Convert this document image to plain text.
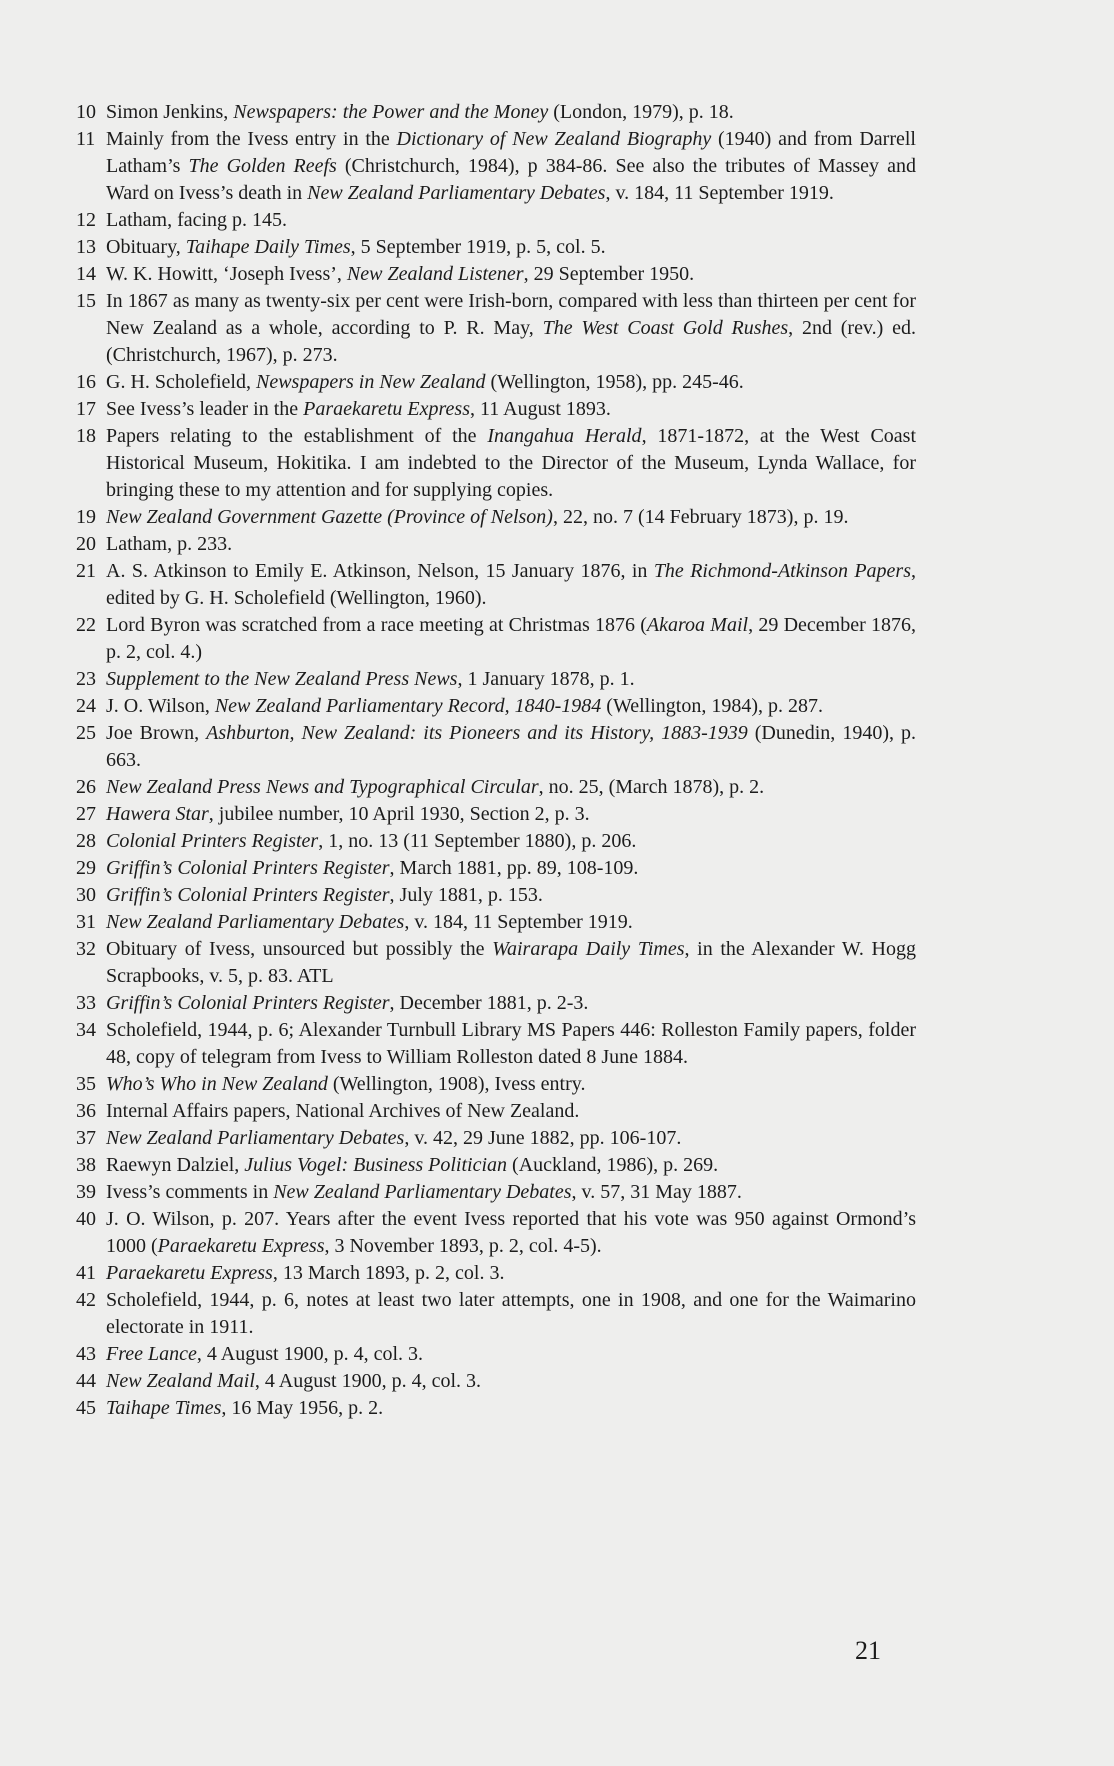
10 Simon Jenkins, Newspapers: the Power and the Money (London, 1979), p. 18.

11 Mainly from the Ivess entry in the Dictionary of New Zealand Biography (1940) and from Darrell Latham’s The Golden Reefs (Christchurch, 1984), p 384-86. See also the tributes of Massey and Ward on Ivess’s death in New Zealand Parliamentary Debates, v. 184, 11 September 1919.

12 Latham, facing p. 145.

13 Obituary, Taihape Daily Times, 5 September 1919, p. 5, col. 5.

14 W. K. Howitt, ‘Joseph Ivess’, New Zealand Listener, 29 September 1950.

15 In 1867 as many as twenty-six per cent were Irish-born, compared with less than thirteen per cent for New Zealand as a whole, according to P. R. May, The West Coast Gold Rushes, 2nd (rev.) ed. (Christchurch, 1967), p. 273.

16 G. H. Scholefield, Newspapers in New Zealand (Wellington, 1958), pp. 245-46.

17 See Ivess’s leader in the Paraekaretu Express, 11 August 1893.

18 Papers relating to the establishment of the Inangahua Herald, 1871-1872, at the West Coast Historical Museum, Hokitika. I am indebted to the Director of the Museum, Lynda Wallace, for bringing these to my attention and for supplying copies.

19 New Zealand Government Gazette (Province of Nelson), 22, no. 7 (14 February 1873), p. 19.

20 Latham, p. 233.

21 A. S. Atkinson to Emily E. Atkinson, Nelson, 15 January 1876, in The Richmond-Atkinson Papers, edited by G. H. Scholefield (Wellington, 1960).

22 Lord Byron was scratched from a race meeting at Christmas 1876 (Akaroa Mail, 29 December 1876, p. 2, col. 4.)

23 Supplement to the New Zealand Press News, 1 January 1878, p. 1.

24 J. O. Wilson, New Zealand Parliamentary Record, 1840-1984 (Wellington, 1984), p. 287.

25 Joe Brown, Ashburton, New Zealand: its Pioneers and its History, 1883-1939 (Dunedin, 1940), p. 663.

26 New Zealand Press News and Typographical Circular, no. 25, (March 1878), p. 2.

27 Hawera Star, jubilee number, 10 April 1930, Section 2, p. 3.

28 Colonial Printers Register, 1, no. 13 (11 September 1880), p. 206.

29 Griffin’s Colonial Printers Register, March 1881, pp. 89, 108-109.

30 Griffin’s Colonial Printers Register, July 1881, p. 153.

31 New Zealand Parliamentary Debates, v. 184, 11 September 1919.

32 Obituary of Ivess, unsourced but possibly the Wairarapa Daily Times, in the Alexander W. Hogg Scrapbooks, v. 5, p. 83. ATL

33 Griffin’s Colonial Printers Register, December 1881, p. 2-3.

34 Scholefield, 1944, p. 6; Alexander Turnbull Library MS Papers 446: Rolleston Family papers, folder 48, copy of telegram from Ivess to William Rolleston dated 8 June 1884.

35 Who’s Who in New Zealand (Wellington, 1908), Ivess entry.

36 Internal Affairs papers, National Archives of New Zealand.

37 New Zealand Parliamentary Debates, v. 42, 29 June 1882, pp. 106-107.

38 Raewyn Dalziel, Julius Vogel: Business Politician (Auckland, 1986), p. 269.

39 Ivess’s comments in New Zealand Parliamentary Debates, v. 57, 31 May 1887.

40 J. O. Wilson, p. 207. Years after the event Ivess reported that his vote was 950 against Ormond’s 1000 (Paraekaretu Express, 3 November 1893, p. 2, col. 4-5).

41 Paraekaretu Express, 13 March 1893, p. 2, col. 3.

42 Scholefield, 1944, p. 6, notes at least two later attempts, one in 1908, and one for the Waimarino electorate in 1911.

43 Free Lance, 4 August 1900, p. 4, col. 3.

44 New Zealand Mail, 4 August 1900, p. 4, col. 3.

45 Taihape Times, 16 May 1956, p. 2.

21
